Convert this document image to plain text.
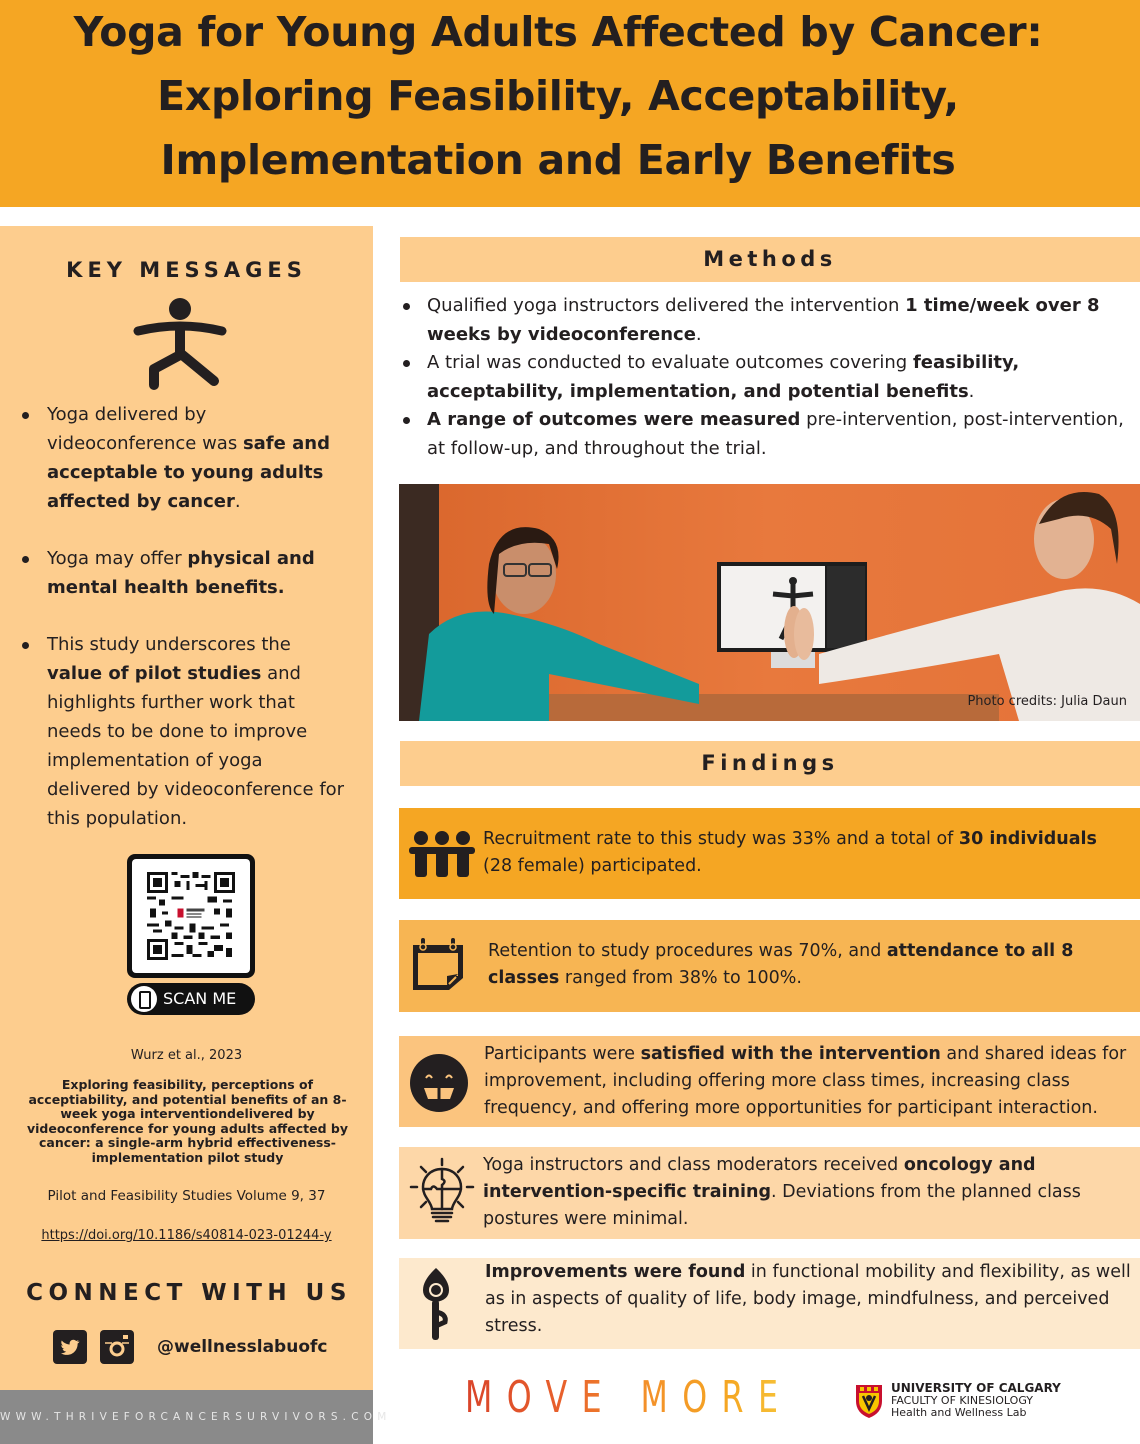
Yoga for Young Adults Affected by Cancer:
Exploring Feasibility, Acceptability,
Implementation and Early Benefits
KEY MESSAGES
Yoga delivered by videoconference was safe and acceptable to young adults affected by cancer.
Yoga may offer physical and mental health benefits.
This study underscores the value of pilot studies and highlights further work that needs to be done to improve implementation of yoga delivered by videoconference for this population.
SCAN ME
Wurz et al., 2023
Exploring feasibility, perceptions of acceptiability, and potential benefits of an 8-week yoga interventiondelivered by videoconference for young adults affected by cancer: a single-arm hybrid effectiveness-implementation pilot study
Pilot and Feasibility Studies Volume 9, 37
https://doi.org/10.1186/s40814-023-01244-y
CONNECT WITH US
@wellnesslabuofc
WWW.THRIVEFORCANCERSURVIVORS.COM
Methods
Qualified yoga instructors delivered the intervention 1 time/week over 8 weeks by videoconference.
A trial was conducted to evaluate outcomes covering feasibility, acceptability, implementation, and potential benefits.
A range of outcomes were measured pre-intervention, post-intervention, at follow-up, and throughout the trial.
Photo credits: Julia Daun
Findings
Recruitment rate to this study was 33% and a total of 30 individuals (28 female) participated.
Retention to study procedures was 70%, and attendance to all 8 classes ranged from 38% to 100%.
Participants were satisfied with the intervention and shared ideas for improvement, including offering more class times, increasing class frequency, and offering more opportunities for participant interaction.
Yoga instructors and class moderators received oncology and intervention-specific training. Deviations from the planned class postures were minimal.
Improvements were found in functional mobility and flexibility, as well as in aspects of quality of life, body image, mindfulness, and perceived stress.
MOVE MORE	UNIVERSITY OF CALGARY
FACULTY OF KINESIOLOGY
Health and Wellness Lab
